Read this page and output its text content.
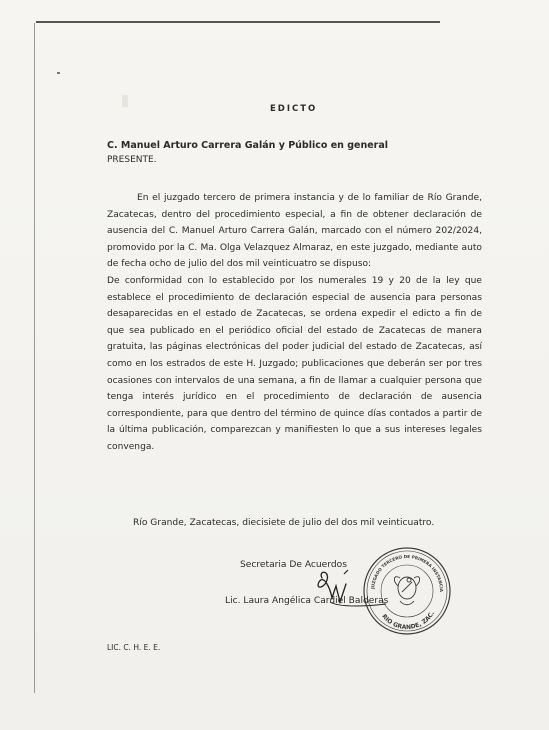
EDICTO
C. Manuel Arturo Carrera Galán y Público en general
PRESENTE.

En el juzgado tercero de primera instancia y de lo familiar de Río Grande, Zacatecas, dentro del procedimiento especial, a fin de obtener declaración de ausencia del C. Manuel Arturo Carrera Galán, marcado con el número 202/2024, promovido por la C. Ma. Olga Velazquez Almaraz, en este juzgado, mediante auto de fecha ocho de julio del dos mil veinticuatro se dispuso:

De conformidad con lo establecido por los numerales 19 y 20 de la ley que establece el procedimiento de declaración especial de ausencia para personas desaparecidas en el estado de Zacatecas, se ordena expedir el edicto a fin de que sea publicado en el periódico oficial del estado de Zacatecas de manera gratuita, las páginas electrónicas del poder judicial del estado de Zacatecas, así como en los estrados de este H. Juzgado; publicaciones que deberán ser por tres ocasiones con intervalos de una semana, a fin de llamar a cualquier persona que tenga interés jurídico en el procedimiento de declaración de ausencia correspondiente, para que dentro del término de quince días contados a partir de la última publicación, comparezcan y manifiesten lo que a sus intereses legales convenga.

Río Grande, Zacatecas, diecisiete de julio del dos mil veinticuatro.
Secretaria De Acuerdos
JUZGADO TERCERO DE PRIMERA INSTANCIA
RIO GRANDE, ZAC.
Lic. Laura Angélica Cardiel Balderas
LIC. C. H. E. E.
